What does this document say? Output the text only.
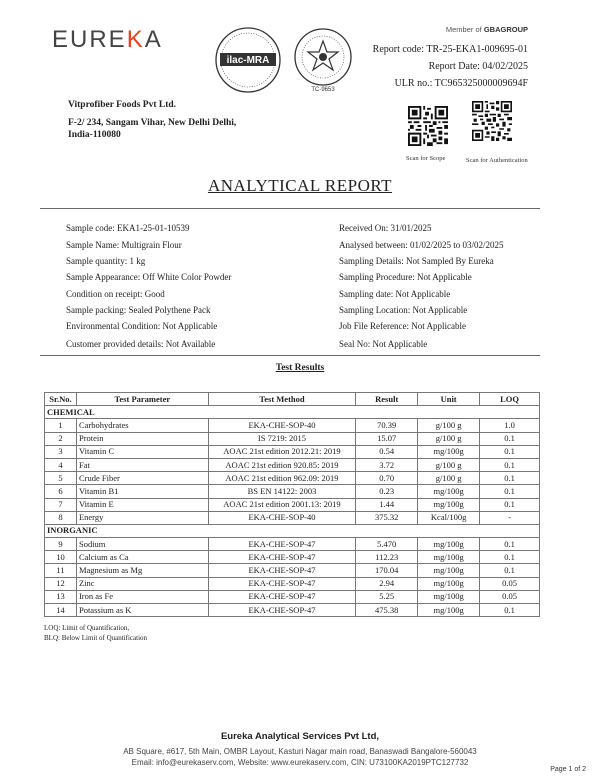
EUREKA	Member of GBAGROUP
ilac-MRA
TC-9653
Report code: TR-25-EKA1-009695-01
Report Date: 04/02/2025
ULR no.: TC965325000009694F
Vitprofiber Foods Pvt Ltd.
F-2/ 234, Sangam Vihar, New Delhi Delhi,
India-110080
Scan for Scope	Scan for Authentication
ANALYTICAL REPORT
Sample code: EKA1-25-01-10539
Sample Name: Multigrain Flour
Sample quantity: 1 kg
Sample Appearance: Off White Color Powder
Condition on receipt: Good
Sample packing: Sealed Polythene Pack
Environmental Condition: Not Applicable
Customer provided details: Not Available
Received On: 31/01/2025
Analysed between: 01/02/2025 to 03/02/2025
Sampling Details: Not Sampled By Eureka
Sampling Procedure: Not Applicable
Sampling date: Not Applicable
Sampling Location: Not Applicable
Job File Reference: Not Applicable
Seal No: Not Applicable
Test Results
Sr.No.	Test Parameter	Test Method	Result	Unit	LOQ
CHEMICAL					
1	Carbohydrates	EKA-CHE-SOP-40	70.39	g/100 g	1.0
2	Protein	IS 7219: 2015	15.07	g/100 g	0.1
3	Vitamin C	AOAC 21st edition 2012.21: 2019	0.54	mg/100g	0.1
4	Fat	AOAC 21st edition 920.85: 2019	3.72	g/100 g	0.1
5	Crude Fiber	AOAC 21st edition 962.09: 2019	0.70	g/100 g	0.1
6	Vitamin B1	BS EN 14122: 2003	0.23	mg/100g	0.1
7	Vitamin E	AOAC 21st edition 2001.13: 2019	1.44	mg/100g	0.1
8	Energy	EKA-CHE-SOP-40	375.32	Kcal/100g	-
INORGANIC					
9	Sodium	EKA-CHE-SOP-47	5.470	mg/100g	0.1
10	Calcium as Ca	EKA-CHE-SOP-47	112.23	mg/100g	0.1
11	Magnesium as Mg	EKA-CHE-SOP-47	170.04	mg/100g	0.1
12	Zinc	EKA-CHE-SOP-47	2.94	mg/100g	0.05
13	Iron as Fe	EKA-CHE-SOP-47	5.25	mg/100g	0.05
14	Potassium as K	EKA-CHE-SOP-47	475.38	mg/100g	0.1
LOQ: Limit of Quantification,
BLQ: Below Limit of Quantification
Eureka Analytical Services Pvt Ltd,
AB Square, #617, 5th Main, OMBR Layout, Kasturi Nagar main road, Banaswadi Bangalore-560043
Email: info@eurekaserv.com, Website: www.eurekaserv.com, CIN: U73100KA2019PTC127732
Page 1 of 2
